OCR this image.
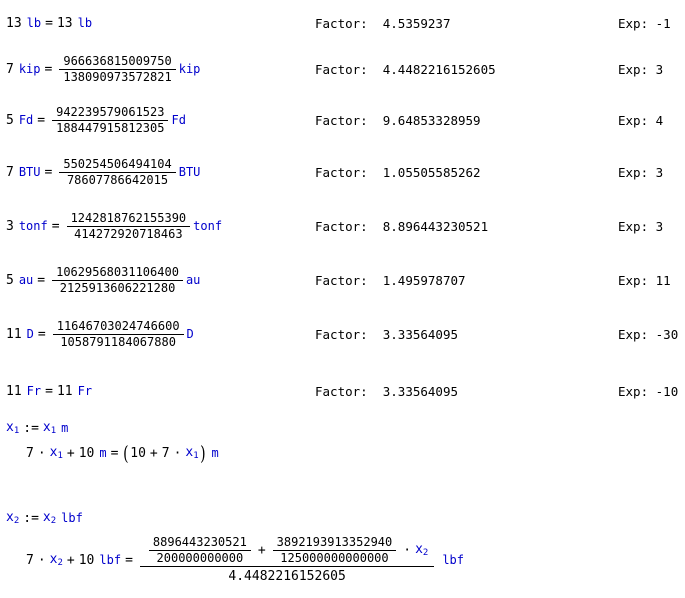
13 lb = 13 lb	Factor: 4.5359237	Exp: -1
7 kip = $\frac{966636815009750}{138090973572821}$ kip	Factor: 4.4482216152605	Exp: 3
5 $Fd = \frac{942239579061523}{188447915812305}$ Fd	Factor: 9.64853328959	Exp: 4
7 BTU = $\frac{550254506494104}{78607786642015}$ BTU	Factor: 1.05505585262	Exp: 3
3 tonf = $\frac{1242818762155390}{414272920718463}$ tonf	Factor: 8.896443230521	Exp: 3
5 au = $\frac{10629568031106400}{2125913606221280}$ au	Factor: 1.495978707	Exp: 11
11 $D = \frac{11646703024746600}{1058791184067880}$ D	Factor: 3.33564095	Exp: -30
11 Fr = 11 Fr	Factor: 3.33564095	Exp: -10
$x_1$ := $x_1$ m
$7 \cdot x_1 + 10$ m = ( $10 + 7 \cdot x_1$ ) m
$x_2$ := $x_2$ lbf
$7 \cdot x_2 + 10$ lbf =	$\frac{8896443230521}{200000000000} + \frac{3892193913352940}{125000000000000} \cdot x_2$
4.4482216152605
lbf
